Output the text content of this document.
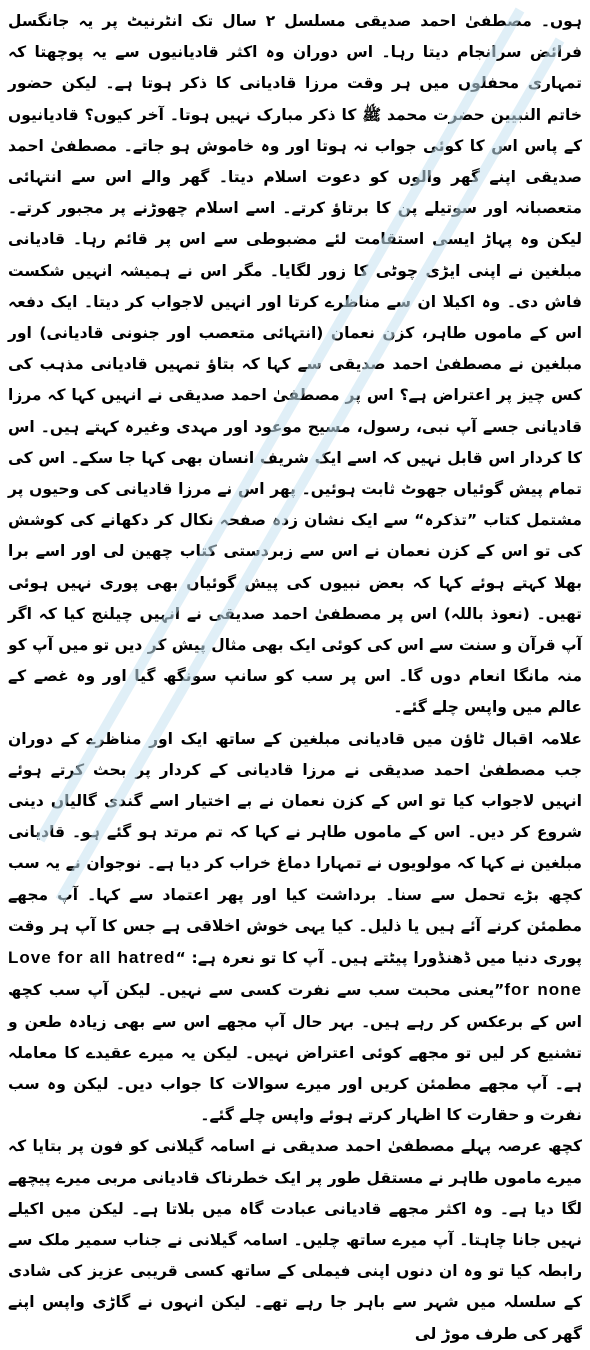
ہوں۔ مصطفیٰ احمد صدیقی مسلسل ۲ سال تک انٹرنیٹ پر یہ جانگسل فرائض سرانجام دیتا رہا۔ اس دوران وہ اکثر قادیانیوں سے یہ پوچھتا کہ تمہاری محفلوں میں ہر وقت مرزا قادیانی کا ذکر ہوتا ہے۔ لیکن حضور خاتم النبیین حضرت محمد ﷺ کا ذکر مبارک نہیں ہوتا۔ آخر کیوں؟ قادیانیوں کے پاس اس کا کوئی جواب نہ ہوتا اور وہ خاموش ہو جاتے۔ مصطفیٰ احمد صدیقی اپنے گھر والوں کو دعوت اسلام دیتا۔ گھر والے اس سے انتہائی متعصبانہ اور سوتیلے پن کا برتاؤ کرتے۔ اسے اسلام چھوڑنے پر مجبور کرتے۔ لیکن وہ پہاڑ ایسی استقامت لئے مضبوطی سے اس پر قائم رہا۔ قادیانی مبلغین نے اپنی ایڑی چوٹی کا زور لگایا۔ مگر اس نے ہمیشہ انہیں شکست فاش دی۔ وہ اکیلا ان سے مناظرے کرتا اور انہیں لاجواب کر دیتا۔ ایک دفعہ اس کے ماموں طاہر، کزن نعمان (انتہائی متعصب اور جنونی قادیانی) اور مبلغین نے مصطفیٰ احمد صدیقی سے کہا کہ بتاؤ تمہیں قادیانی مذہب کی کس چیز پر اعتراض ہے؟ اس پر مصطفیٰ احمد صدیقی نے انہیں کہا کہ مرزا قادیانی جسے آپ نبی، رسول، مسیح موعود اور مہدی وغیرہ کہتے ہیں۔ اس کا کردار اس قابل نہیں کہ اسے ایک شریف انسان بھی کہا جا سکے۔ اس کی تمام پیش گوئیاں جھوٹ ثابت ہوئیں۔ پھر اس نے مرزا قادیانی کی وحیوں پر مشتمل کتاب ”تذکرہ“ سے ایک نشان زدہ صفحہ نکال کر دکھانے کی کوشش کی تو اس کے کزن نعمان نے اس سے زبردستی کتاب چھین لی اور اسے برا بھلا کہتے ہوئے کہا کہ بعض نبیوں کی پیش گوئیاں بھی پوری نہیں ہوئی تھیں۔ (نعوذ باللہ) اس پر مصطفیٰ احمد صدیقی نے انہیں چیلنج کیا کہ اگر آپ قرآن و سنت سے اس کی کوئی ایک بھی مثال پیش کر دیں تو میں آپ کو منہ مانگا انعام دوں گا۔ اس پر سب کو سانپ سونگھ گیا اور وہ غصے کے عالم میں واپس چلے گئے۔

علامہ اقبال ٹاؤن میں قادیانی مبلغین کے ساتھ ایک اور مناظرے کے دوران جب مصطفیٰ احمد صدیقی نے مرزا قادیانی کے کردار پر بحث کرتے ہوئے انہیں لاجواب کیا تو اس کے کزن نعمان نے بے اختیار اسے گندی گالیاں دینی شروع کر دیں۔ اس کے ماموں طاہر نے کہا کہ تم مرتد ہو گئے ہو۔ قادیانی مبلغین نے کہا کہ مولویوں نے تمہارا دماغ خراب کر دیا ہے۔ نوجوان نے یہ سب کچھ بڑے تحمل سے سنا۔ برداشت کیا اور پھر اعتماد سے کہا۔ آپ مجھے مطمئن کرنے آئے ہیں یا ذلیل۔ کیا یہی خوش اخلاقی ہے جس کا آپ ہر وقت پوری دنیا میں ڈھنڈورا پیٹتے ہیں۔ آپ کا تو نعرہ ہے: “Love for all hatred for none”یعنی محبت سب سے نفرت کسی سے نہیں۔ لیکن آپ سب کچھ اس کے برعکس کر رہے ہیں۔ بہر حال آپ مجھے اس سے بھی زیادہ طعن و تشنیع کر لیں تو مجھے کوئی اعتراض نہیں۔ لیکن یہ میرے عقیدے کا معاملہ ہے۔ آپ مجھے مطمئن کریں اور میرے سوالات کا جواب دیں۔ لیکن وہ سب نفرت و حقارت کا اظہار کرتے ہوئے واپس چلے گئے۔

کچھ عرصہ پہلے مصطفیٰ احمد صدیقی نے اسامہ گیلانی کو فون پر بتایا کہ میرے ماموں طاہر نے مستقل طور پر ایک خطرناک قادیانی مربی میرے پیچھے لگا دیا ہے۔ وہ اکثر مجھے قادیانی عبادت گاہ میں بلاتا ہے۔ لیکن میں اکیلے نہیں جانا چاہتا۔ آپ میرے ساتھ چلیں۔ اسامہ گیلانی نے جناب سمیر ملک سے رابطہ کیا تو وہ ان دنوں اپنی فیملی کے ساتھ کسی قریبی عزیز کی شادی کے سلسلہ میں شہر سے باہر جا رہے تھے۔ لیکن انہوں نے گاڑی واپس اپنے گھر کی طرف موڑ لی
